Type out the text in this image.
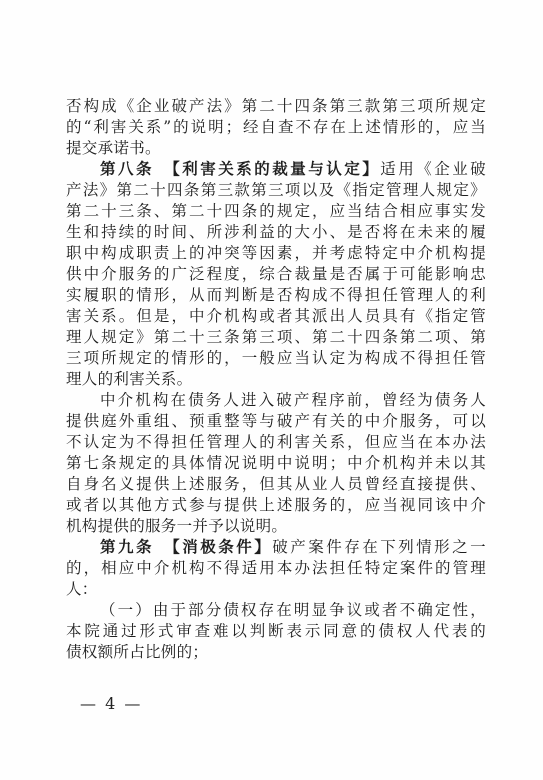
否构成《企业破产法》第二十四条第三款第三项所规定
的“利害关系”的说明；经自查不存在上述情形的，应当
提交承诺书。
第八条　【利害关系的裁量与认定】适用《企业破
产法》第二十四条第三款第三项以及《指定管理人规定》
第二十三条、第二十四条的规定，应当结合相应事实发
生和持续的时间、所涉利益的大小、是否将在未来的履
职中构成职责上的冲突等因素，并考虑特定中介机构提
供中介服务的广泛程度，综合裁量是否属于可能影响忠
实履职的情形，从而判断是否构成不得担任管理人的利
害关系。但是，中介机构或者其派出人员具有《指定管
理人规定》第二十三条第三项、第二十四条第二项、第
三项所规定的情形的，一般应当认定为构成不得担任管
理人的利害关系。
中介机构在债务人进入破产程序前，曾经为债务人
提供庭外重组、预重整等与破产有关的中介服务，可以
不认定为不得担任管理人的利害关系，但应当在本办法
第七条规定的具体情况说明中说明；中介机构并未以其
自身名义提供上述服务，但其从业人员曾经直接提供、
或者以其他方式参与提供上述服务的，应当视同该中介
机构提供的服务一并予以说明。
第九条　【消极条件】破产案件存在下列情形之一
的，相应中介机构不得适用本办法担任特定案件的管理
人：
（一）由于部分债权存在明显争议或者不确定性，
本院通过形式审查难以判断表示同意的债权人代表的
债权额所占比例的；
— 4 —
